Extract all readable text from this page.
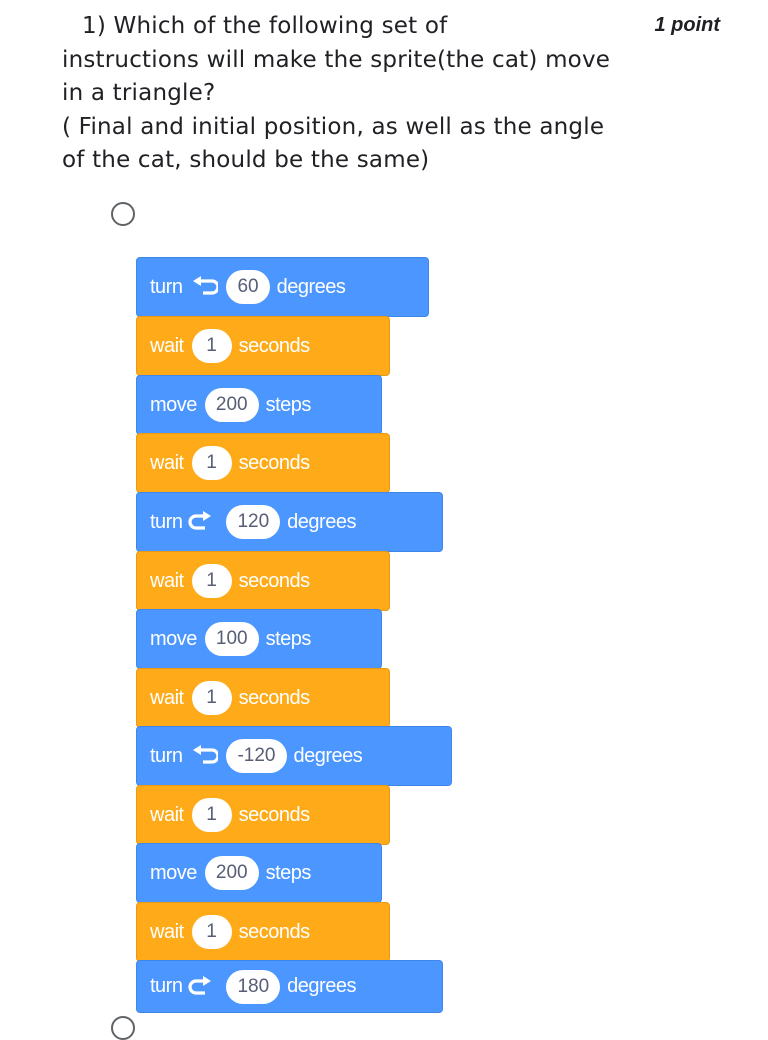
1) Which of the following set of

instructions will make the sprite(the cat) move

in a triangle?

( Final and initial position, as well as the angle

of the cat, should be the same)

1 point
turn	60 degrees
wait	1	seconds
move	200 steps
wait	1	seconds
turn	120 degrees
wait	1	seconds
move	100 steps
wait	1	seconds
turn	-120 degrees
wait	1	seconds
move	200 steps
wait	1	seconds
turn	180 degrees
